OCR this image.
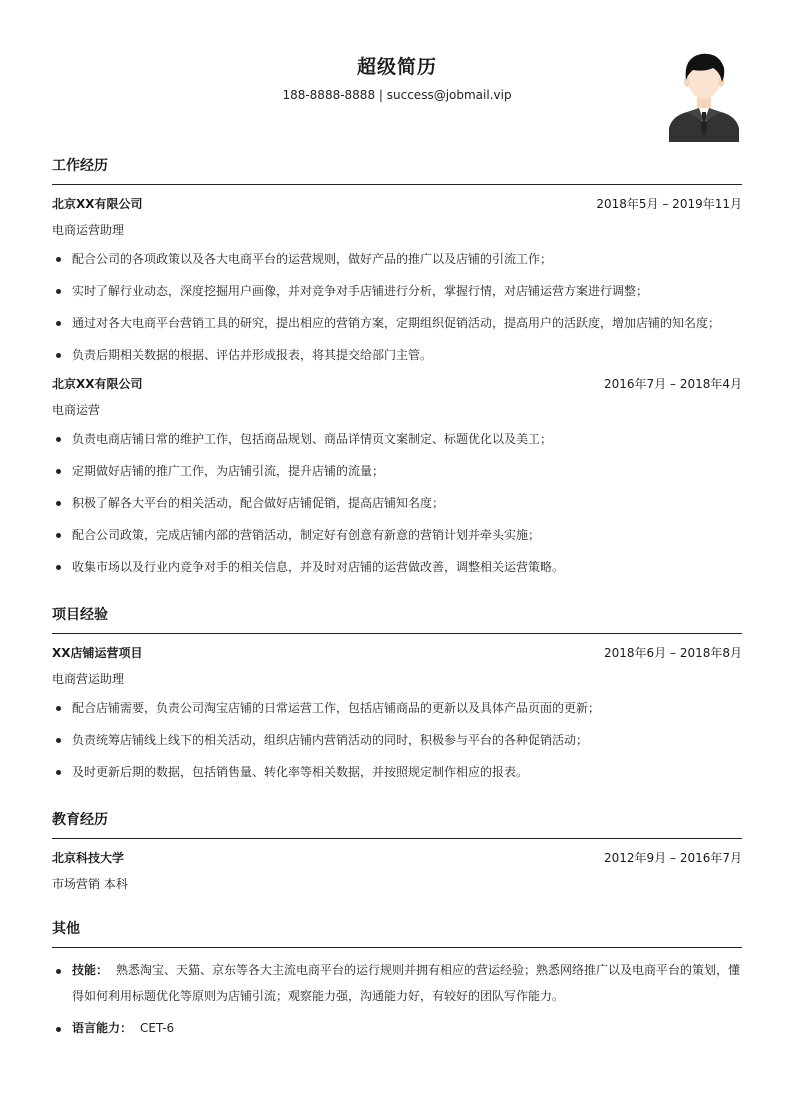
超级简历
188-8888-8888 | success@jobmail.vip
工作经历
北京XX有限公司	2018年5月 – 2019年11月
电商运营助理
配合公司的各项政策以及各大电商平台的运营规则，做好产品的推广以及店铺的引流工作；
实时了解行业动态，深度挖掘用户画像，并对竞争对手店铺进行分析，掌握行情，对店铺运营方案进行调整；
通过对各大电商平台营销工具的研究，提出相应的营销方案，定期组织促销活动，提高用户的活跃度，增加店铺的知名度；
负责后期相关数据的根据、评估并形成报表，将其提交给部门主管。
北京XX有限公司	2016年7月 – 2018年4月
电商运营
负责电商店铺日常的维护工作，包括商品规划、商品详情页文案制定、标题优化以及美工；
定期做好店铺的推广工作，为店铺引流，提升店铺的流量；
积极了解各大平台的相关活动，配合做好店铺促销，提高店铺知名度；
配合公司政策，完成店铺内部的营销活动，制定好有创意有新意的营销计划并牵头实施；
收集市场以及行业内竞争对手的相关信息，并及时对店铺的运营做改善，调整相关运营策略。
项目经验
XX店铺运营项目	2018年6月 – 2018年8月
电商营运助理
配合店铺需要，负责公司淘宝店铺的日常运营工作，包括店铺商品的更新以及具体产品页面的更新；
负责统筹店铺线上线下的相关活动，组织店铺内营销活动的同时，积极参与平台的各种促销活动；
及时更新后期的数据，包括销售量、转化率等相关数据，并按照规定制作相应的报表。
教育经历
北京科技大学	2012年9月 – 2016年7月
市场营销 本科
其他
技能： 熟悉淘宝、天猫、京东等各大主流电商平台的运行规则并拥有相应的营运经验；熟悉网络推广以及电商平台的策划，懂得如何利用标题优化等原则为店铺引流；观察能力强，沟通能力好，有较好的团队写作能力。
语言能力： CET-6
